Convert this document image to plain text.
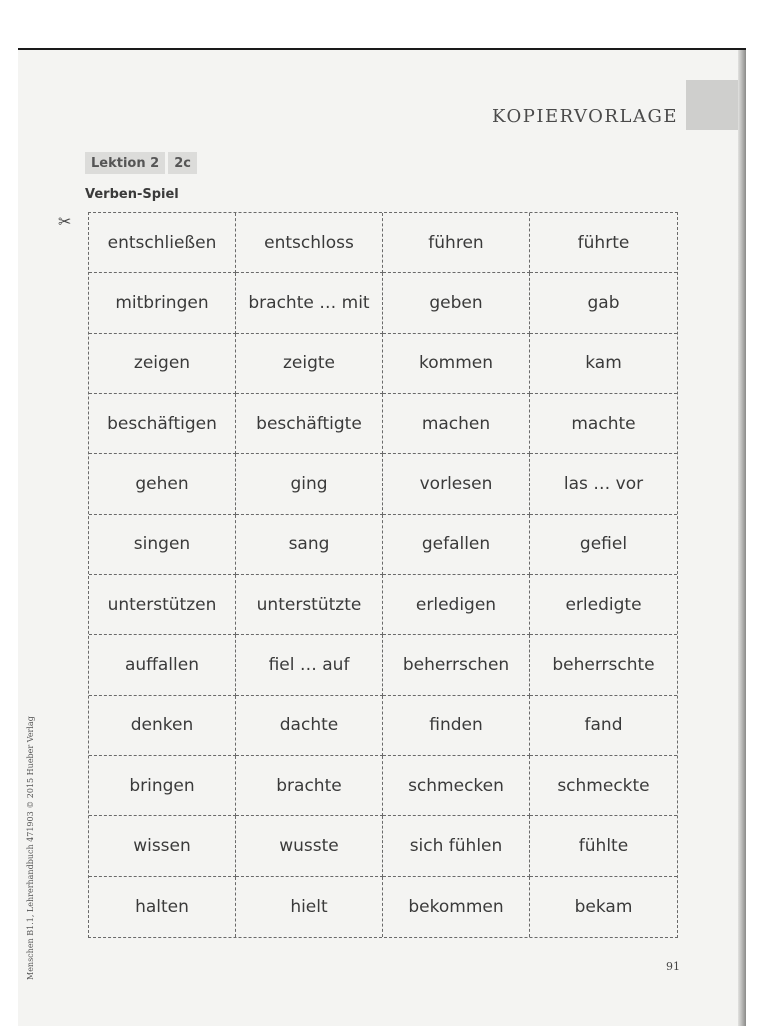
KOPIERVORLAGE
Lektion 2	2c
Verben-Spiel
✂
entschließen	entschloss	führen	führte
mitbringen	brachte … mit	geben	gab
zeigen	zeigte	kommen	kam
beschäftigen	beschäftigte	machen	machte
gehen	ging	vorlesen	las … vor
singen	sang	gefallen	gefiel
unterstützen	unterstützte	erledigen	erledigte
auffallen	fiel … auf	beherrschen	beherrschte
denken	dachte	finden	fand
bringen	brachte	schmecken	schmeckte
wissen	wusste	sich fühlen	fühlte
halten	hielt	bekommen	bekam
Menschen B1.1, Lehrerhandbuch 471903 © 2015 Hueber Verlag	91
